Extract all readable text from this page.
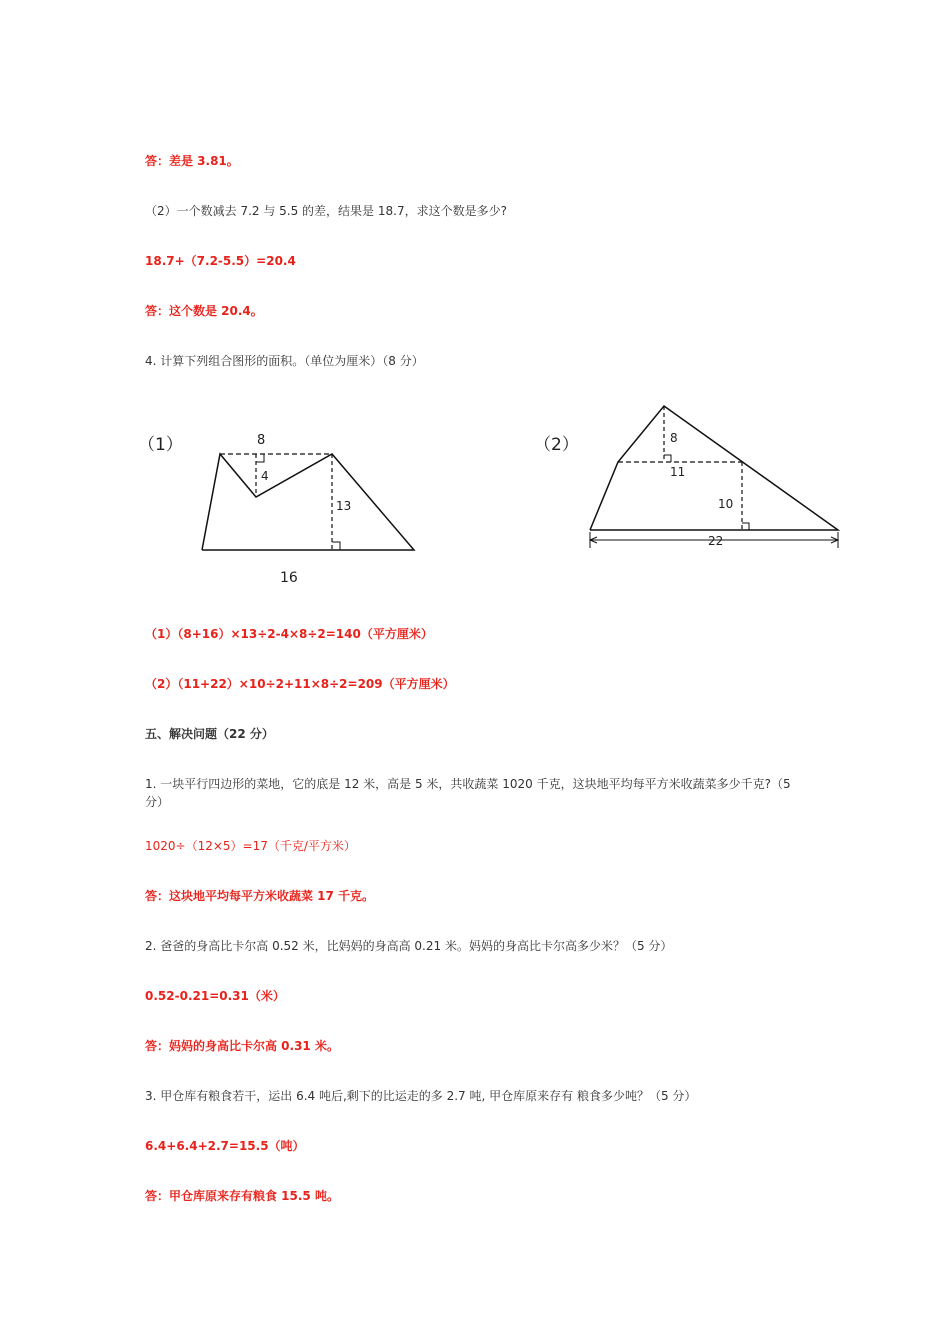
答：差是 3.81。
（2）一个数减去 7.2 与 5.5 的差，结果是 18.7，求这个数是多少?
18.7+（7.2-5.5）=20.4
答：这个数是 20.4。
4. 计算下列组合图形的面积。（单位为厘米）（8 分）
（1）	8
4
13
16
（2）	8
11
10
22
（1）（8+16）×13÷2-4×8÷2=140（平方厘米）
（2）（11+22）×10÷2+11×8÷2=209（平方厘米）
五、解决问题（22 分）
1. 一块平行四边形的菜地，它的底是 12 米，高是 5 米，共收蔬菜 1020 千克，这块地平均每平方米收蔬菜多少千克?（5 分）
1020÷（12×5）=17（千克/平方米）
答：这块地平均每平方米收蔬菜 17 千克。
2. 爸爸的身高比卡尔高 0.52 米，比妈妈的身高高 0.21 米。妈妈的身高比卡尔高多少米？（5 分）
0.52-0.21=0.31（米）
答：妈妈的身高比卡尔高 0.31 米。
3. 甲仓库有粮食若干，运出 6.4 吨后,剩下的比运走的多 2.7 吨, 甲仓库原来存有 粮食多少吨？（5 分）
6.4+6.4+2.7=15.5（吨）
答：甲仓库原来存有粮食 15.5 吨。
